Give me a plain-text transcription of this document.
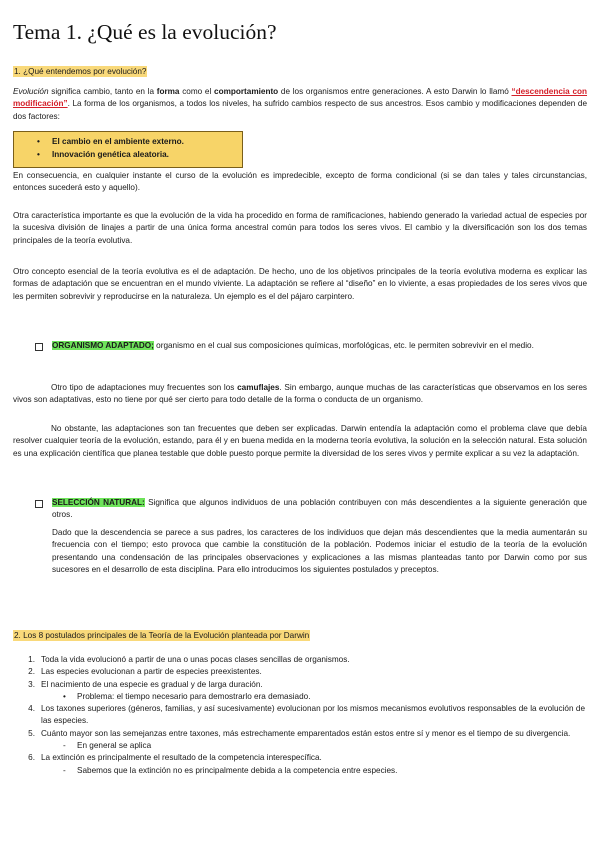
Tema 1. ¿Qué es la evolución?
1. ¿Qué entendemos por evolución?
Evolución significa cambio, tanto en la forma como el comportamiento de los organismos entre generaciones. A esto Darwin lo llamó “descendencia con modificación”. La forma de los organismos, a todos los niveles, ha sufrido cambios respecto de sus ancestros. Esos cambio y modificaciones dependen de dos factores:
• El cambio en el ambiente externo.
• Innovación genética aleatoria.

En consecuencia, en cualquier instante el curso de la evolución es impredecible, excepto de forma condicional (si se dan tales y tales circunstancias, entonces sucederá esto y aquello).

Otra característica importante es que la evolución de la vida ha procedido en forma de ramificaciones, habiendo generado la variedad actual de especies por la sucesiva división de linajes a partir de una única forma ancestral común para todos los seres vivos. El cambio y la diversificación son los dos temas principales de la teoría evolutiva.

Otro concepto esencial de la teoría evolutiva es el de adaptación. De hecho, uno de los objetivos principales de la teoría evolutiva moderna es explicar las formas de adaptación que se encuentran en el mundo viviente. La adaptación se refiere al “diseño” en lo viviente, a esas propiedades de los seres vivos que les permiten sobrevivir y reproducirse en la naturaleza. Un ejemplo es el del pájaro carpintero.

ORGANISMO ADAPTADO; organismo en el cual sus composiciones químicas, morfológicas, etc. le permiten sobrevivir en el medio.
Otro tipo de adaptaciones muy frecuentes son los camuflajes. Sin embargo, aunque muchas de las características que observamos en los seres vivos son adaptativas, esto no tiene por qué ser cierto para todo detalle de la forma o conducta de un organismo.

No obstante, las adaptaciones son tan frecuentes que deben ser explicadas. Darwin entendía la adaptación como el problema clave que debía resolver cualquier teoría de la evolución, estando, para él y en buena medida en la moderna teoría evolutiva, la solución en la selección natural. Esta solución es una explicación científica que planea testable que doble puesto porque permite la diversidad de los seres vivos y permite explicar a su vez la adaptación.

SELECCIÓN NATURAL: Significa que algunos individuos de una población contribuyen con más descendientes a la siguiente generación que otros.

Dado que la descendencia se parece a sus padres, los caracteres de los individuos que dejan más descendientes que la media aumentarán su frecuencia con el tiempo; esto provoca que cambie la constitución de la población. Podemos iniciar el estudio de la teoría de la evolución presentando una condensación de las principales observaciones y explicaciones a las mismas planteadas tanto por Darwin como por sus sucesores en el desarrollo de esta disciplina. Para ello introducimos los siguientes postulados y preceptos.

2. Los 8 postulados principales de la Teoría de la Evolución planteada por Darwin
1. Toda la vida evolucionó a partir de una o unas pocas clases sencillas de organismos.
2. Las especies evolucionan a partir de especies preexistentes.
3. El nacimiento de una especie es gradual y de larga duración.
• Problema: el tiempo necesario para demostrarlo era demasiado.
4. Los taxones superiores (géneros, familias, y así sucesivamente) evolucionan por los mismos mecanismos evolutivos responsables de la evolución de las especies.
5. Cuánto mayor son las semejanzas entre taxones, más estrechamente emparentados están estos entre sí y menor es el tiempo de su divergencia.
- En general se aplica
6. La extinción es principalmente el resultado de la competencia interespecífica.
- Sabemos que la extinción no es principalmente debida a la competencia entre especies.
